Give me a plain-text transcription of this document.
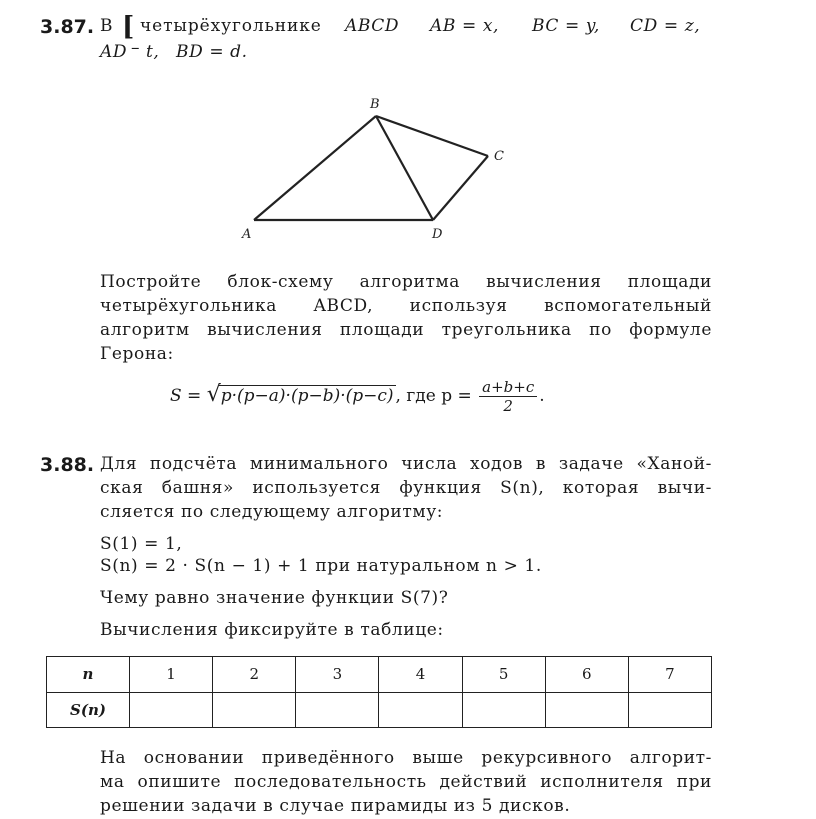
3.87. В [ четырёхугольнике ABCD AB = x, BC = y, CD = z,
AD – t, BD = d.
A
B
C
D
Постройте блок-схему алгоритма вычисления площади
четырёхугольника ABCD, используя вспомогательный
алгоритм вычисления площади треугольника по формуле
Герона:
S = √p·(p−a)·(p−b)·(p−c) , где $p = \frac{a+b+c}{2}$ .
3.88. Для подсчёта минимального числа ходов в задаче «Ханой-
ская башня» используется функция S(n), которая вычи-
сляется по следующему алгоритму:
S(1) = 1,
S(n) = 2 · S(n − 1) + 1 при натуральном n > 1.
Чему равно значение функции S(7)?
Вычисления фиксируйте в таблице:
n	1	2	3	4	5	6	7
S(n)							
На основании приведённого выше рекурсивного алгорит-
ма опишите последовательность действий исполнителя при
решении задачи в случае пирамиды из 5 дисков.
